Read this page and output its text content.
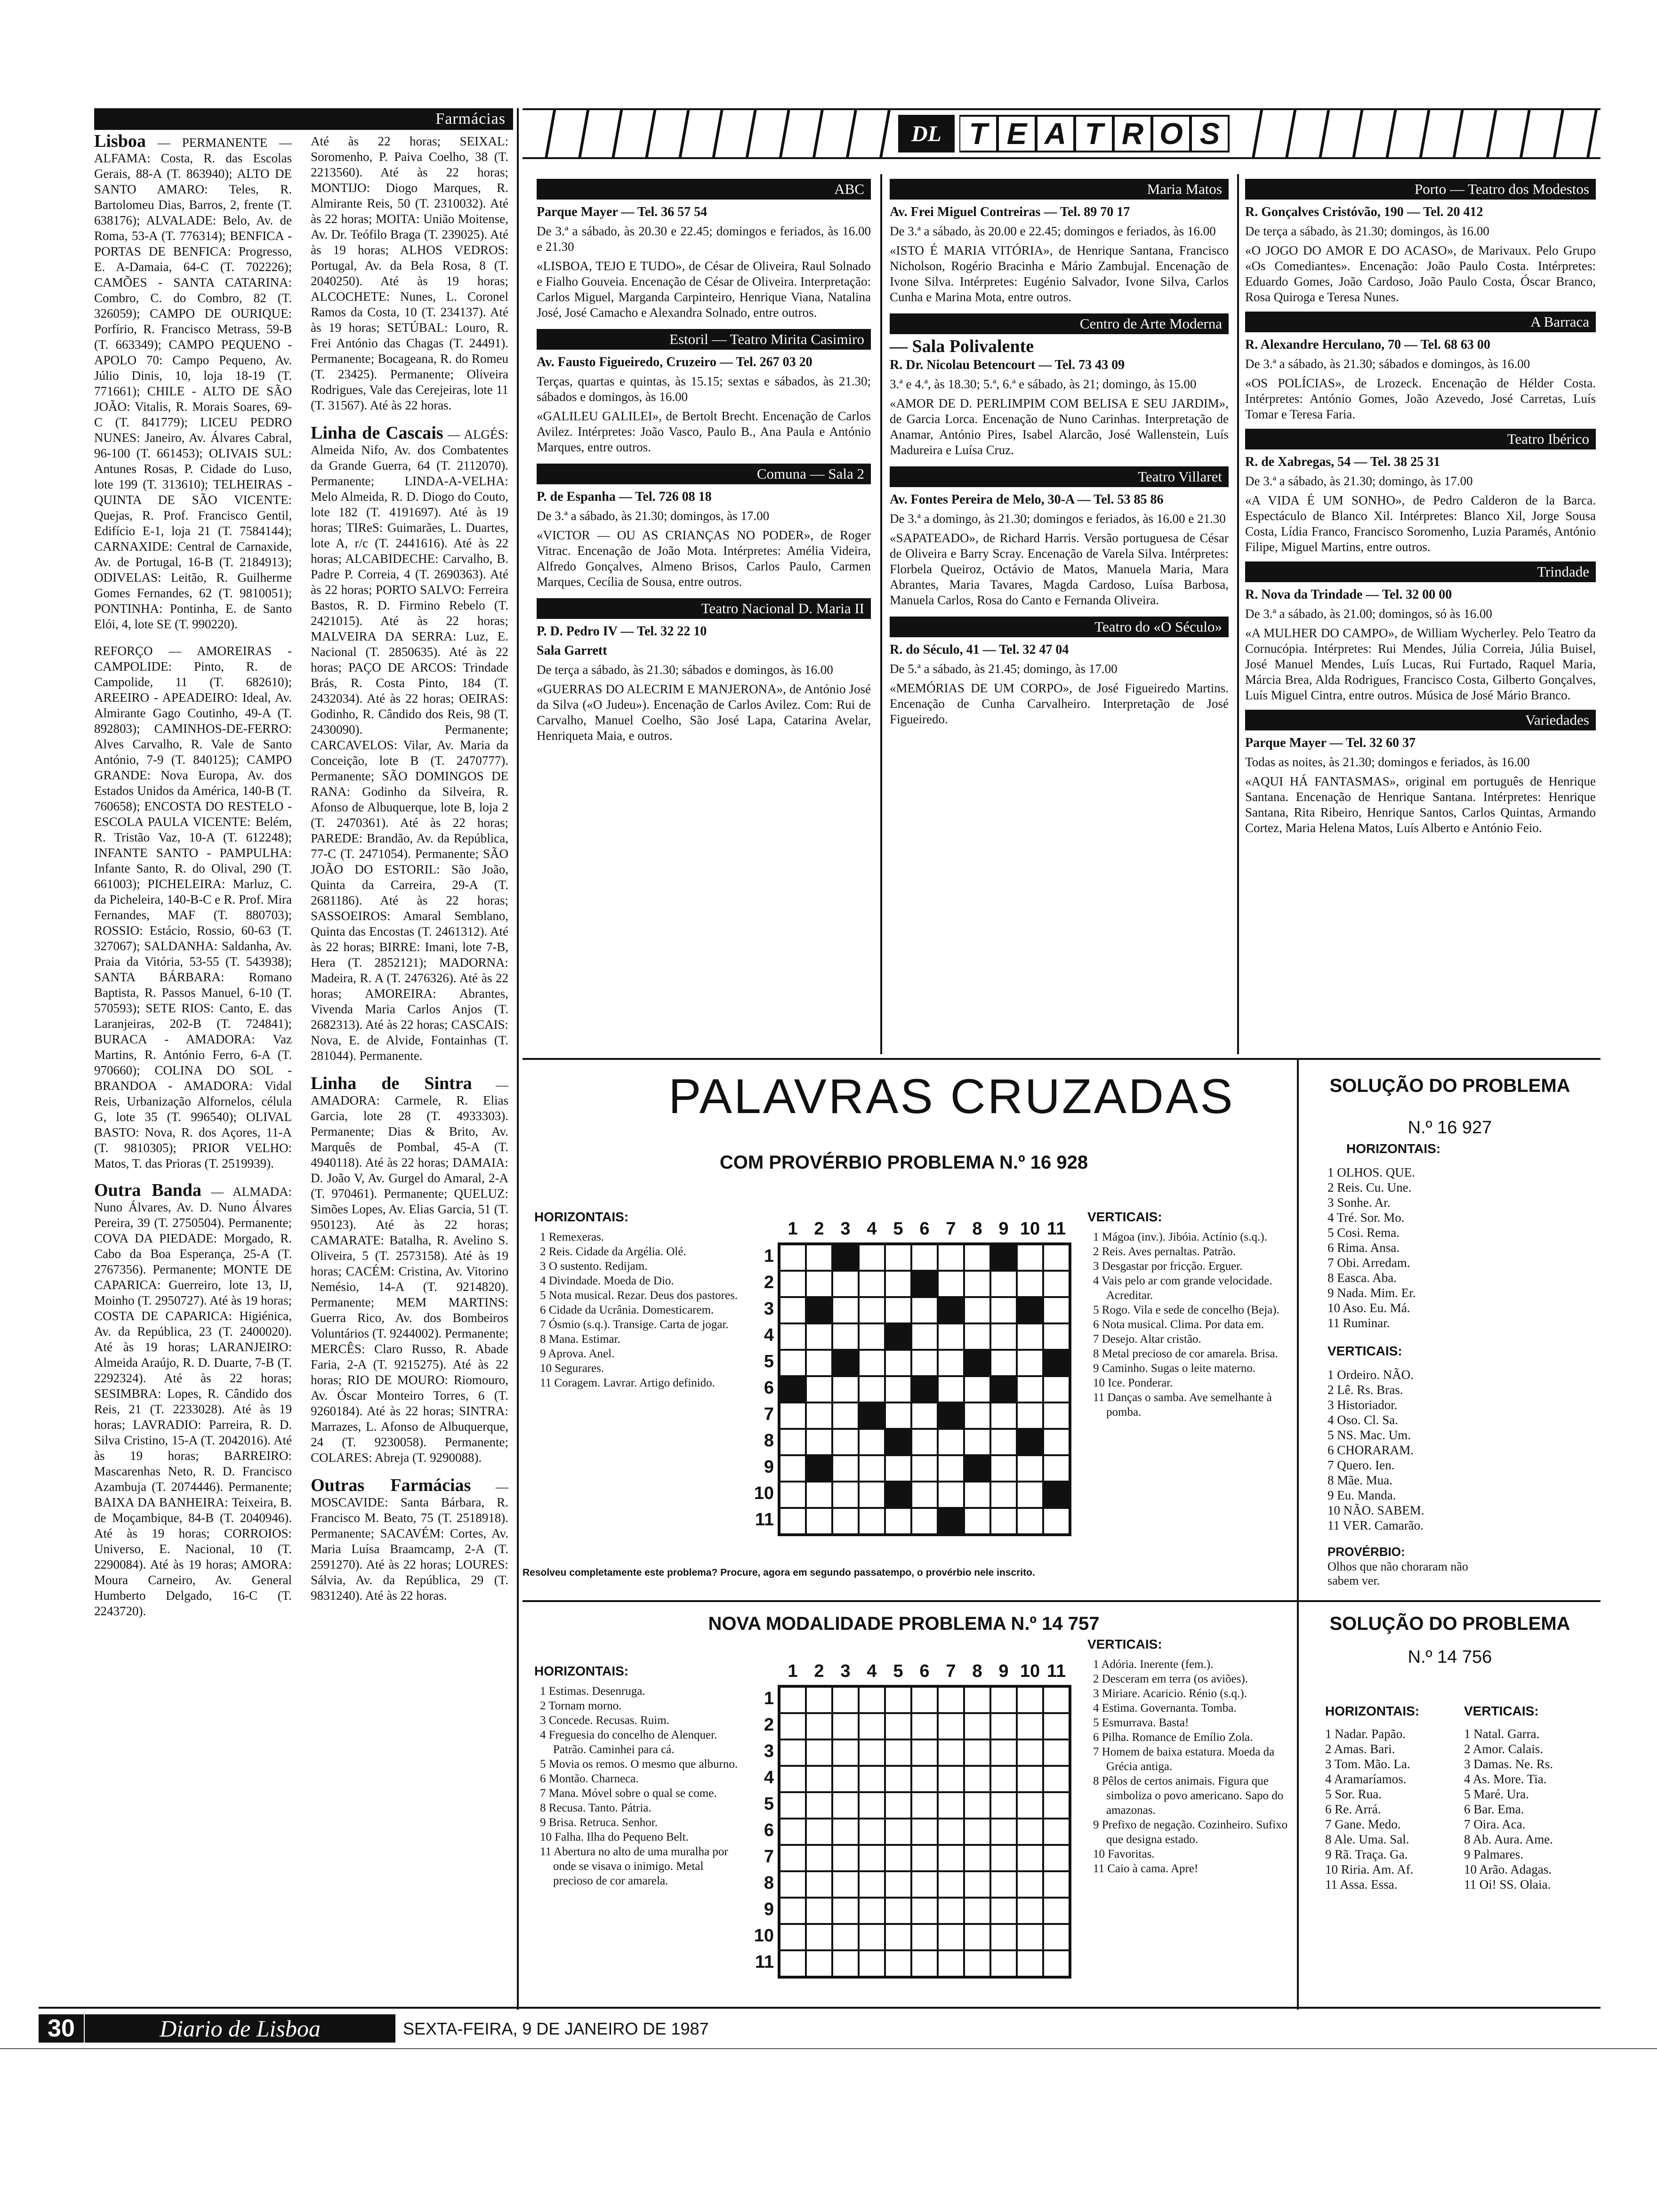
Farmácias

Lisboa — PERMANENTE — ALFAMA: Costa, R. das Escolas Gerais, 88-A (T. 863940); ALTO DE SANTO AMARO: Teles, R. Bartolomeu Dias, Barros, 2, frente (T. 638176); ALVALADE: Belo, Av. de Roma, 53-A (T. 776314); BENFICA - PORTAS DE BENFICA: Progresso, E. A-Damaia, 64-C (T. 702226); CAMÕES - SANTA CATARINA: Combro, C. do Combro, 82 (T. 326059); CAMPO DE OURIQUE: Porfírio, R. Francisco Metrass, 59-B (T. 663349); CAMPO PEQUENO - APOLO 70: Campo Pequeno, Av. Júlio Dinis, 10, loja 18-19 (T. 771661); CHILE - ALTO DE SÃO JOÃO: Vitalis, R. Morais Soares, 69-C (T. 841779); LICEU PEDRO NUNES: Janeiro, Av. Álvares Cabral, 96-100 (T. 661453); OLIVAIS SUL: Antunes Rosas, P. Cidade do Luso, lote 199 (T. 313610); TELHEIRAS - QUINTA DE SÃO VICENTE: Quejas, R. Prof. Francisco Gentil, Edifício E-1, loja 21 (T. 7584144); CARNAXIDE: Central de Carnaxide, Av. de Portugal, 16-B (T. 2184913); ODIVELAS: Leitão, R. Guilherme Gomes Fernandes, 62 (T. 9810051); PONTINHA: Pontinha, E. de Santo Elói, 4, lote SE (T. 990220).

REFORÇO — AMOREIRAS - CAMPOLIDE: Pinto, R. de Campolide, 11 (T. 682610); AREEIRO - APEADEIRO: Ideal, Av. Almirante Gago Coutinho, 49-A (T. 892803); CAMINHOS-DE-FERRO: Alves Carvalho, R. Vale de Santo António, 7-9 (T. 840125); CAMPO GRANDE: Nova Europa, Av. dos Estados Unidos da América, 140-B (T. 760658); ENCOSTA DO RESTELO - ESCOLA PAULA VICENTE: Belém, R. Tristão Vaz, 10-A (T. 612248); INFANTE SANTO - PAMPULHA: Infante Santo, R. do Olival, 290 (T. 661003); PICHELEIRA: Marluz, C. da Picheleira, 140-B-C e R. Prof. Mira Fernandes, MAF (T. 880703); ROSSIO: Estácio, Rossio, 60-63 (T. 327067); SALDANHA: Saldanha, Av. Praia da Vitória, 53-55 (T. 543938); SANTA BÁRBARA: Romano Baptista, R. Passos Manuel, 6-10 (T. 570593); SETE RIOS: Canto, E. das Laranjeiras, 202-B (T. 724841); BURACA - AMADORA: Vaz Martins, R. António Ferro, 6-A (T. 970660); COLINA DO SOL - BRANDOA - AMADORA: Vidal Reis, Urbanização Alfornelos, célula G, lote 35 (T. 996540); OLIVAL BASTO: Nova, R. dos Açores, 11-A (T. 9810305); PRIOR VELHO: Matos, T. das Prioras (T. 2519939).

Outra Banda — ALMADA: Nuno Álvares, Av. D. Nuno Álvares Pereira, 39 (T. 2750504). Permanente; COVA DA PIEDADE: Morgado, R. Cabo da Boa Esperança, 25-A (T. 2767356). Permanente; MONTE DE CAPARICA: Guerreiro, lote 13, IJ, Moinho (T. 2950727). Até às 19 horas; COSTA DE CAPARICA: Higiénica, Av. da República, 23 (T. 2400020). Até às 19 horas; LARANJEIRO: Almeida Araújo, R. D. Duarte, 7-B (T. 2292324). Até às 22 horas; SESIMBRA: Lopes, R. Cândido dos Reis, 21 (T. 2233028). Até às 19 horas; LAVRADIO: Parreira, R. D. Silva Cristino, 15-A (T. 2042016). Até às 19 horas; BARREIRO: Mascarenhas Neto, R. D. Francisco Azambuja (T. 2074446). Permanente; BAIXA DA BANHEIRA: Teixeira, B. de Moçambique, 84-B (T. 2040946). Até às 19 horas; CORROIOS: Universo, E. Nacional, 10 (T. 2290084). Até às 19 horas; AMORA: Moura Carneiro, Av. General Humberto Delgado, 16-C (T. 2243720).

Até às 22 horas; SEIXAL: Soromenho, P. Paiva Coelho, 38 (T. 2213560). Até às 22 horas; MONTIJO: Diogo Marques, R. Almirante Reis, 50 (T. 2310032). Até às 22 horas; MOITA: União Moitense, Av. Dr. Teófilo Braga (T. 239025). Até às 19 horas; ALHOS VEDROS: Portugal, Av. da Bela Rosa, 8 (T. 2040250). Até às 19 horas; ALCOCHETE: Nunes, L. Coronel Ramos da Costa, 10 (T. 234137). Até às 19 horas; SETÚBAL: Louro, R. Frei António das Chagas (T. 24491). Permanente; Bocageana, R. do Romeu (T. 23425). Permanente; Oliveira Rodrigues, Vale das Cerejeiras, lote 11 (T. 31567). Até às 22 horas.

Linha de Cascais — ALGÉS: Almeida Nifo, Av. dos Combatentes da Grande Guerra, 64 (T. 2112070). Permanente; LINDA-A-VELHA: Melo Almeida, R. D. Diogo do Couto, lote 182 (T. 4191697). Até às 19 horas; TIReS: Guimarães, L. Duartes, lote A, r/c (T. 2441616). Até às 22 horas; ALCABIDECHE: Carvalho, B. Padre P. Correia, 4 (T. 2690363). Até às 22 horas; PORTO SALVO: Ferreira Bastos, R. D. Firmino Rebelo (T. 2421015). Até às 22 horas; MALVEIRA DA SERRA: Luz, E. Nacional (T. 2850635). Até às 22 horas; PAÇO DE ARCOS: Trindade Brás, R. Costa Pinto, 184 (T. 2432034). Até às 22 horas; OEIRAS: Godinho, R. Cândido dos Reis, 98 (T. 2430090). Permanente; CARCAVELOS: Vilar, Av. Maria da Conceição, lote B (T. 2470777). Permanente; SÃO DOMINGOS DE RANA: Godinho da Silveira, R. Afonso de Albuquerque, lote B, loja 2 (T. 2470361). Até às 22 horas; PAREDE: Brandão, Av. da República, 77-C (T. 2471054). Permanente; SÃO JOÃO DO ESTORIL: São João, Quinta da Carreira, 29-A (T. 2681186). Até às 22 horas; SASSOEIROS: Amaral Semblano, Quinta das Encostas (T. 2461312). Até às 22 horas; BIRRE: Imani, lote 7-B, Hera (T. 2852121); MADORNA: Madeira, R. A (T. 2476326). Até às 22 horas; AMOREIRA: Abrantes, Vivenda Maria Carlos Anjos (T. 2682313). Até às 22 horas; CASCAIS: Nova, E. de Alvide, Fontainhas (T. 281044). Permanente.

Linha de Sintra — AMADORA: Carmele, R. Elias Garcia, lote 28 (T. 4933303). Permanente; Dias & Brito, Av. Marquês de Pombal, 45-A (T. 4940118). Até às 22 horas; DAMAIA: D. João V, Av. Gurgel do Amaral, 2-A (T. 970461). Permanente; QUELUZ: Simões Lopes, Av. Elias Garcia, 51 (T. 950123). Até às 22 horas; CAMARATE: Batalha, R. Avelino S. Oliveira, 5 (T. 2573158). Até às 19 horas; CACÉM: Cristina, Av. Vitorino Nemésio, 14-A (T. 9214820). Permanente; MEM MARTINS: Guerra Rico, Av. dos Bombeiros Voluntários (T. 9244002). Permanente; MERCÊS: Claro Russo, R. Abade Faria, 2-A (T. 9215275). Até às 22 horas; RIO DE MOURO: Riomouro, Av. Óscar Monteiro Torres, 6 (T. 9260184). Até às 22 horas; SINTRA: Marrazes, L. Afonso de Albuquerque, 24 (T. 9230058). Permanente; COLARES: Abreja (T. 9290088).

Outras Farmácias — MOSCAVIDE: Santa Bárbara, R. Francisco M. Beato, 75 (T. 2518918). Permanente; SACAVÉM: Cortes, Av. Maria Luísa Braamcamp, 2-A (T. 2591270). Até às 22 horas; LOURES: Sálvia, Av. da República, 29 (T. 9831240). Até às 22 horas.

DL T E A T R O S
ABC
Parque Mayer — Tel. 36 57 54

De 3.ª a sábado, às 20.30 e 22.45; domingos e feriados, às 16.00 e 21.30

«LISBOA, TEJO E TUDO», de César de Oliveira, Raul Solnado e Fialho Gouveia. Encenação de César de Oliveira. Interpretação: Carlos Miguel, Marganda Carpinteiro, Henrique Viana, Natalina José, José Camacho e Alexandra Solnado, entre outros.

Estoril — Teatro Mirita Casimiro
Av. Fausto Figueiredo, Cruzeiro — Tel. 267 03 20

Terças, quartas e quintas, às 15.15; sextas e sábados, às 21.30; sábados e domingos, às 16.00

«GALILEU GALILEI», de Bertolt Brecht. Encenação de Carlos Avilez. Intérpretes: João Vasco, Paulo B., Ana Paula e António Marques, entre outros.

Comuna — Sala 2
P. de Espanha — Tel. 726 08 18

De 3.ª a sábado, às 21.30; domingos, às 17.00

«VICTOR — OU AS CRIANÇAS NO PODER», de Roger Vitrac. Encenação de João Mota. Intérpretes: Amélia Videira, Alfredo Gonçalves, Almeno Brisos, Carlos Paulo, Carmen Marques, Cecília de Sousa, entre outros.

Teatro Nacional D. Maria II
P. D. Pedro IV — Tel. 32 22 10
Sala Garrett

De terça a sábado, às 21.30; sábados e domingos, às 16.00

«GUERRAS DO ALECRIM E MANJERONA», de António José da Silva («O Judeu»). Encenação de Carlos Avilez. Com: Rui de Carvalho, Manuel Coelho, São José Lapa, Catarina Avelar, Henriqueta Maia, e outros.

Maria Matos
Av. Frei Miguel Contreiras — Tel. 89 70 17

De 3.ª a sábado, às 20.00 e 22.45; domingos e feriados, às 16.00

«ISTO É MARIA VITÓRIA», de Henrique Santana, Francisco Nicholson, Rogério Bracinha e Mário Zambujal. Encenação de Ivone Silva. Intérpretes: Eugénio Salvador, Ivone Silva, Carlos Cunha e Marina Mota, entre outros.

Centro de Arte Moderna
— Sala Polivalente
R. Dr. Nicolau Betencourt — Tel. 73 43 09

3.ª e 4.ª, às 18.30; 5.ª, 6.ª e sábado, às 21; domingo, às 15.00

«AMOR DE D. PERLIMPIM COM BELISA E SEU JARDIM», de Garcia Lorca. Encenação de Nuno Carinhas. Interpretação de Anamar, António Pires, Isabel Alarcão, José Wallenstein, Luís Madureira e Luísa Cruz.

Teatro Villaret
Av. Fontes Pereira de Melo, 30-A — Tel. 53 85 86

De 3.ª a domingo, às 21.30; domingos e feriados, às 16.00 e 21.30

«SAPATEADO», de Richard Harris. Versão portuguesa de César de Oliveira e Barry Scray. Encenação de Varela Silva. Intérpretes: Florbela Queiroz, Octávio de Matos, Manuela Maria, Mara Abrantes, Maria Tavares, Magda Cardoso, Luísa Barbosa, Manuela Carlos, Rosa do Canto e Fernanda Oliveira.

Teatro do «O Século»
R. do Século, 41 — Tel. 32 47 04

De 5.ª a sábado, às 21.45; domingo, às 17.00

«MEMÓRIAS DE UM CORPO», de José Figueiredo Martins. Encenação de Cunha Carvalheiro. Interpretação de José Figueiredo.

Porto — Teatro dos Modestos
R. Gonçalves Cristóvão, 190 — Tel. 20 412

De terça a sábado, às 21.30; domingos, às 16.00

«O JOGO DO AMOR E DO ACASO», de Marivaux. Pelo Grupo «Os Comediantes». Encenação: João Paulo Costa. Intérpretes: Eduardo Gomes, João Cardoso, João Paulo Costa, Óscar Branco, Rosa Quiroga e Teresa Nunes.

A Barraca
R. Alexandre Herculano, 70 — Tel. 68 63 00

De 3.ª a sábado, às 21.30; sábados e domingos, às 16.00

«OS POLÍCIAS», de Lrozeck. Encenação de Hélder Costa. Intérpretes: António Gomes, João Azevedo, José Carretas, Luís Tomar e Teresa Faria.

Teatro Ibérico
R. de Xabregas, 54 — Tel. 38 25 31

De 3.ª a sábado, às 21.30; domingo, às 17.00

«A VIDA É UM SONHO», de Pedro Calderon de la Barca. Espectáculo de Blanco Xil. Intérpretes: Blanco Xil, Jorge Sousa Costa, Lídia Franco, Francisco Soromenho, Luzia Paramés, António Filipe, Miguel Martins, entre outros.

Trindade
R. Nova da Trindade — Tel. 32 00 00

De 3.ª a sábado, às 21.00; domingos, só às 16.00

«A MULHER DO CAMPO», de William Wycherley. Pelo Teatro da Cornucópia. Intérpretes: Rui Mendes, Júlia Correia, Júlia Buisel, José Manuel Mendes, Luís Lucas, Rui Furtado, Raquel Maria, Márcia Brea, Alda Rodrigues, Francisco Costa, Gilberto Gonçalves, Luís Miguel Cintra, entre outros. Música de José Mário Branco.

Variedades
Parque Mayer — Tel. 32 60 37

Todas as noites, às 21.30; domingos e feriados, às 16.00

«AQUI HÁ FANTASMAS», original em português de Henrique Santana. Encenação de Henrique Santana. Intérpretes: Henrique Santana, Rita Ribeiro, Henrique Santos, Carlos Quintas, Armando Cortez, Maria Helena Matos, Luís Alberto e António Feio.

PALAVRAS CRUZADAS
COM PROVÉRBIO PROBLEMA N.º 16 928
HORIZONTAIS:
1 Remexeras.
2 Reis. Cidade da Argélia. Olé.
3 O sustento. Redijam.
4 Divindade. Moeda de Dio.
5 Nota musical. Rezar. Deus dos pastores.
6 Cidade da Ucrânia. Domesticarem.
7 Ósmio (s.q.). Transige. Carta de jogar.
8 Mana. Estimar.
9 Aprova. Anel.
10 Segurares.
11 Coragem. Lavrar. Artigo definido.
VERTICAIS:
1 Mágoa (inv.). Jibóia. Actínio (s.q.).
2 Reis. Aves pernaltas. Patrão.
3 Desgastar por fricção. Erguer.
4 Vais pelo ar com grande velocidade. Acreditar.
5 Rogo. Vila e sede de concelho (Beja).
6 Nota musical. Clima. Por data em.
7 Desejo. Altar cristão.
8 Metal precioso de cor amarela. Brisa.
9 Caminho. Sugas o leite materno.
10 Ice. Ponderar.
11 Danças o samba. Ave semelhante à pomba.
1 2 3 4 5 6 7 8 9 10 11
1
2
3
4
5
6
7
8
9
10
11
Resolveu completamente este problema? Procure, agora em segundo passatempo, o provérbio nele inscrito.
NOVA MODALIDADE PROBLEMA N.º 14 757
HORIZONTAIS:
1 Estimas. Desenruga.
2 Tornam morno.
3 Concede. Recusas. Ruim.
4 Freguesia do concelho de Alenquer. Patrão. Caminhei para cá.
5 Movia os remos. O mesmo que alburno.
6 Montão. Charneca.
7 Mana. Móvel sobre o qual se come.
8 Recusa. Tanto. Pátria.
9 Brisa. Retruca. Senhor.
10 Falha. Ilha do Pequeno Belt.
11 Abertura no alto de uma muralha por onde se visava o inimigo. Metal precioso de cor amarela.
VERTICAIS:
1 Adória. Inerente (fem.).
2 Desceram em terra (os aviões).
3 Miriare. Acaricio. Rénio (s.q.).
4 Estima. Governanta. Tomba.
5 Esmurrava. Basta!
6 Pilha. Romance de Emílio Zola.
7 Homem de baixa estatura. Moeda da Grécia antiga.
8 Pêlos de certos animais. Figura que simboliza o povo americano. Sapo do amazonas.
9 Prefixo de negação. Cozinheiro. Sufixo que designa estado.
10 Favoritas.
11 Caio à cama. Apre!
1 2 3 4 5 6 7 8 9 10 11
1
2
3
4
5
6
7
8
9
10
11
SOLUÇÃO DO PROBLEMA
N.º 16 927
HORIZONTAIS:
1 OLHOS. QUE.
2 Reis. Cu. Une.
3 Sonhe. Ar.
4 Tré. Sor. Mo.
5 Cosi. Rema.
6 Rima. Ansa.
7 Obi. Arredam.
8 Easca. Aba.
9 Nada. Mim. Er.
10 Aso. Eu. Má.
11 Ruminar.
VERTICAIS:
1 Ordeiro. NÃO.
2 Lê. Rs. Bras.
3 Historiador.
4 Oso. Cl. Sa.
5 NS. Mac. Um.
6 CHORARAM.
7 Quero. Ien.
8 Mãe. Mua.
9 Eu. Manda.
10 NÃO. SABEM.
11 VER. Camarão.
PROVÉRBIO:
Olhos que não choraram não sabem ver.
SOLUÇÃO DO PROBLEMA
N.º 14 756
HORIZONTAIS:
1 Nadar. Papão.
2 Amas. Bari.
3 Tom. Mão. La.
4 Aramaríamos.
5 Sor. Rua.
6 Re. Arrá.
7 Gane. Medo.
8 Ale. Uma. Sal.
9 Rã. Traça. Ga.
10 Riria. Am. Af.
11 Assa. Essa.
VERTICAIS:
1 Natal. Garra.
2 Amor. Calais.
3 Damas. Ne. Rs.
4 As. More. Tia.
5 Maré. Ura.
6 Bar. Ema.
7 Oira. Aca.
8 Ab. Aura. Ame.
9 Palmares.
10 Arão. Adagas.
11 Oi! SS. Olaia.
30	Diario de Lisboa	SEXTA-FEIRA, 9 DE JANEIRO DE 1987
